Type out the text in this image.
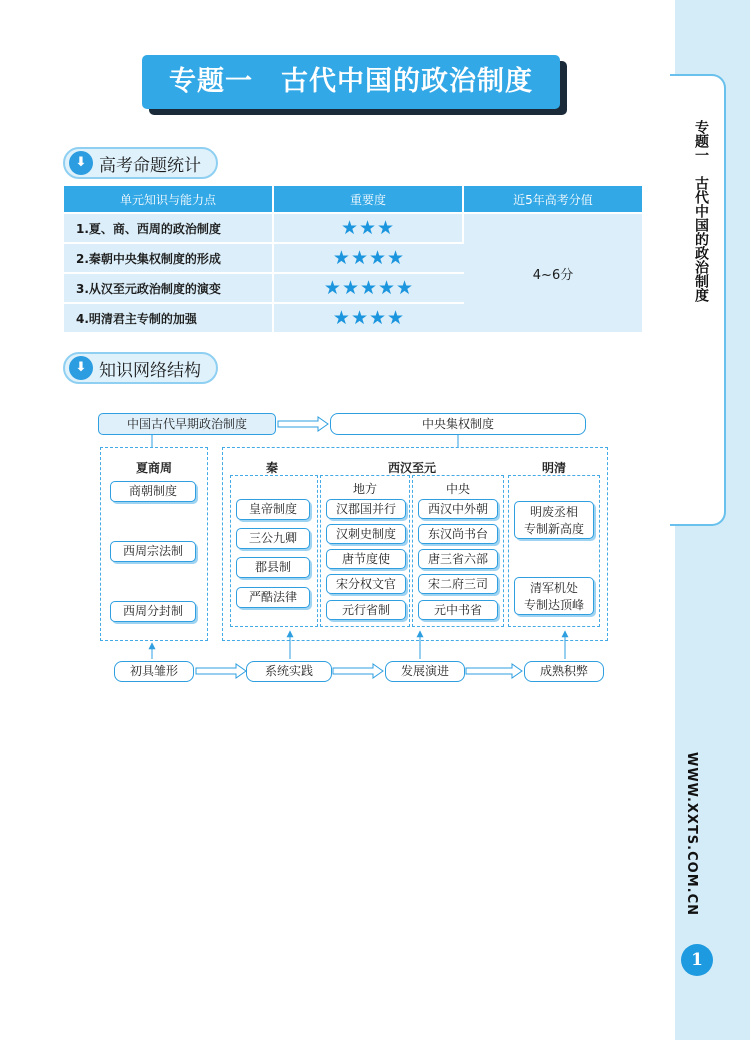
专题一　古代中国的政治制度
WWW.XXTS.COM.CN
1
专题一　古代中国的政治制度
⬇ 高考命题统计
单元知识与能力点	重要度	近5年高考分值
1.夏、商、西周的政治制度	★★★	4~6分
2.秦朝中央集权制度的形成	★★★★	
3.从汉至元政治制度的演变	★★★★★	
4.明清君主专制的加强	★★★★	
⬇ 知识网络结构
中国古代早期政治制度	中央集权制度
夏商周
商朝制度
西周宗法制
西周分封制
秦	西汉至元	明清
皇帝制度
三公九卿
郡县制
严酷法律
地方
汉郡国并行
汉刺史制度
唐节度使
宋分权文官
元行省制
中央
西汉中外朝
东汉尚书台
唐三省六部
宋二府三司
元中书省
明废丞相
专制新高度
清军机处
专制达顶峰
初具雏形	系统实践	发展演进	成熟积弊
